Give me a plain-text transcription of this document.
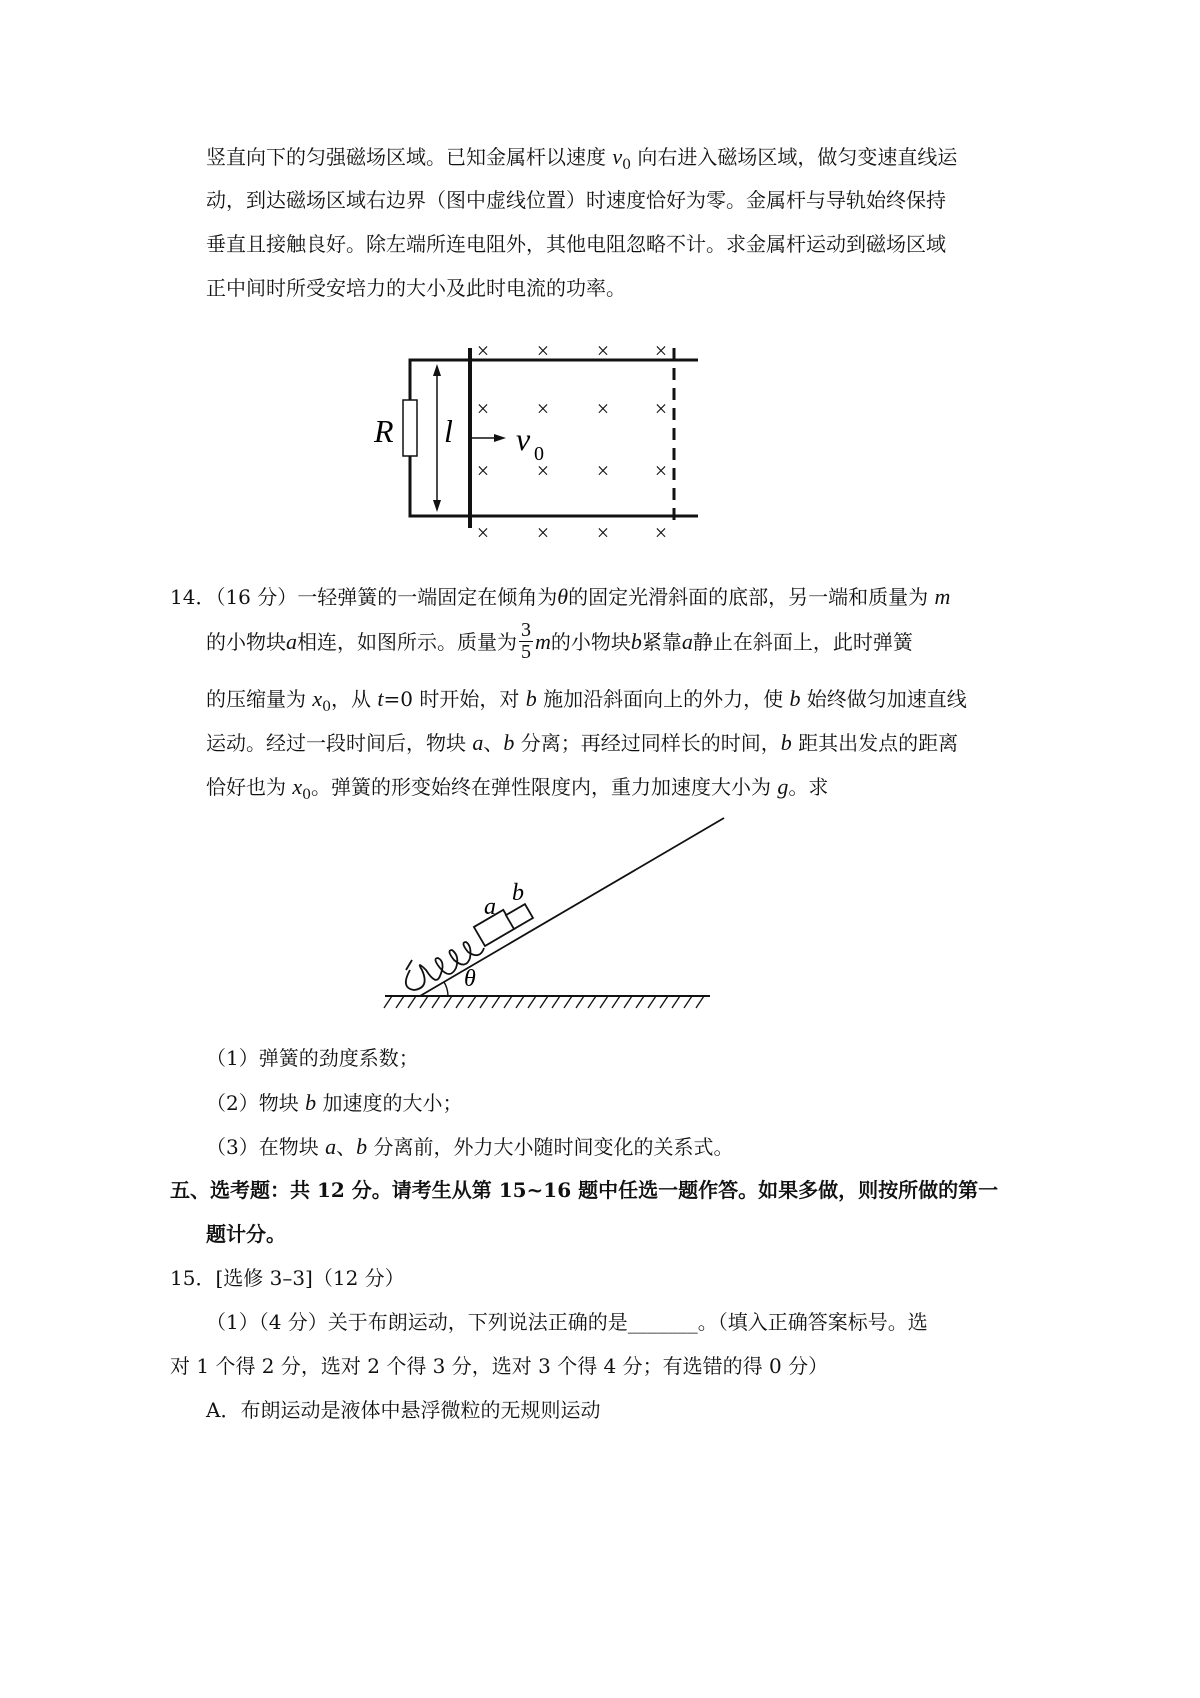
竖直向下的匀强磁场区域。已知金属杆以速度 $v_0$ 向右进入磁场区域，做匀变速直线运
动，到达磁场区域右边界（图中虚线位置）时速度恰好为零。金属杆与导轨始终保持
垂直且接触良好。除左端所连电阻外，其他电阻忽略不计。求金属杆运动到磁场区域
正中间时所受安培力的大小及此时电流的功率。
R l v 0
× × × ×
× × × ×
× × × ×
× × × ×
14．（16 分）一轻弹簧的一端固定在倾角为θ的固定光滑斜面的底部，另一端和质量为 m
的小物块 a 相连，如图所示。质量为 $\frac{3}{5}$ m 的小物块 b 紧靠 a 静止在斜面上，此时弹簧
的压缩量为 $x_0$，从 t=0 时开始，对 b 施加沿斜面向上的外力，使 b 始终做匀加速直线
运动。经过一段时间后，物块 a、b 分离；再经过同样长的时间，b 距其出发点的距离
恰好也为 $x_0$。弹簧的形变始终在弹性限度内，重力加速度大小为 g。求
a
b
θ
（1）弹簧的劲度系数；
（2）物块 b 加速度的大小；
（3）在物块 a、b 分离前，外力大小随时间变化的关系式。
五、选考题：共 12 分。请考生从第 15~16 题中任选一题作答。如果多做，则按所做的第一
题计分。
15．[选修 3–3]（12 分）
（1）（4 分）关于布朗运动，下列说法正确的是_______。（填入正确答案标号。选
对 1 个得 2 分，选对 2 个得 3 分，选对 3 个得 4 分；有选错的得 0 分）
A．布朗运动是液体中悬浮微粒的无规则运动
